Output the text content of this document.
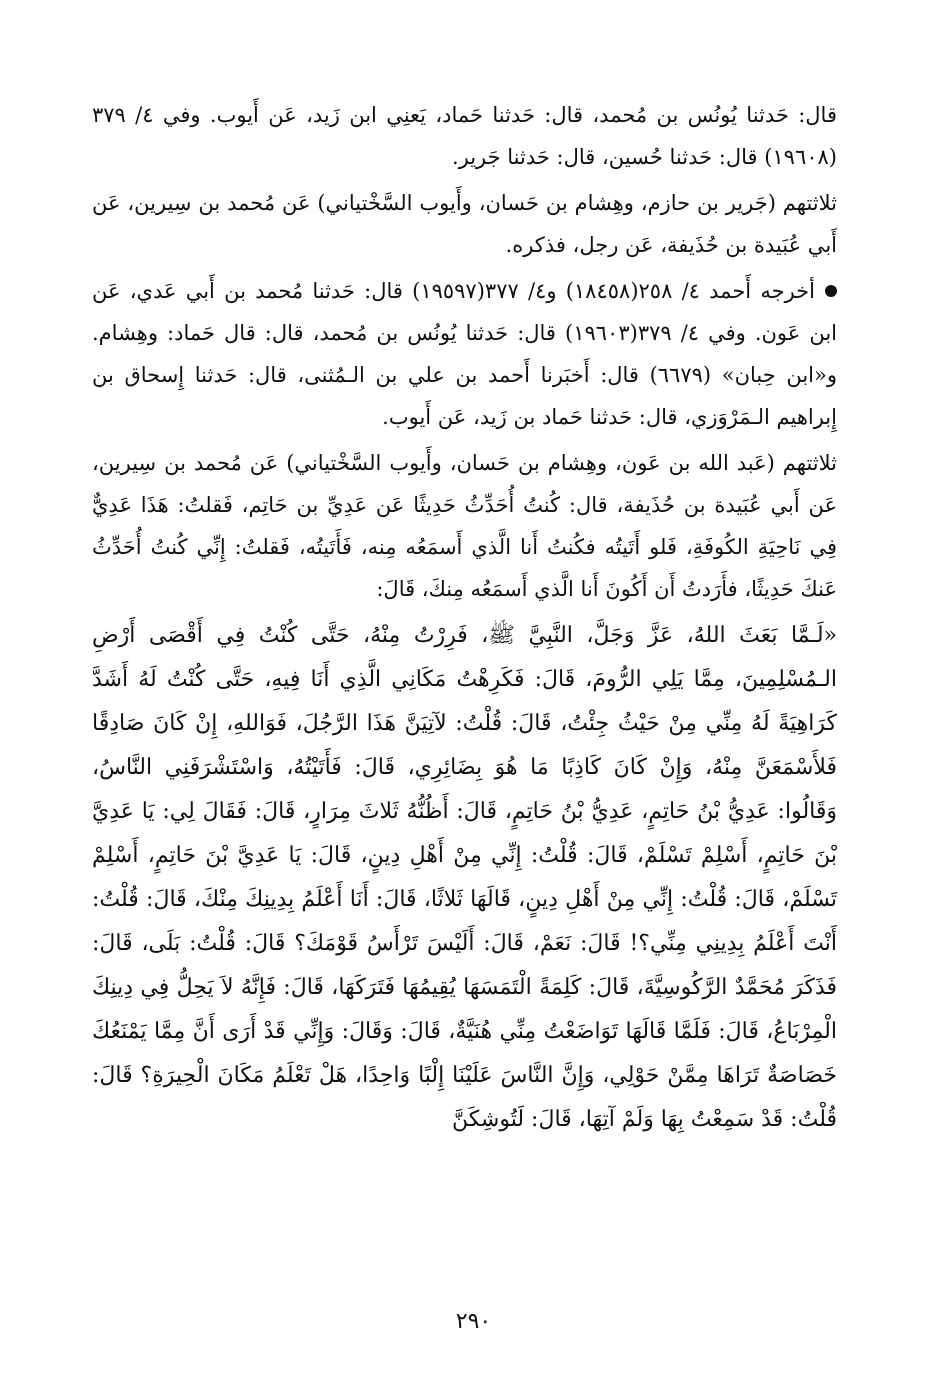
قال: حَدثنا يُونُس بن مُحمد، قال: حَدثنا حَماد، يَعنِي ابن زَيد، عَن أَيوب. وفي ٤/ ٣٧٩ (١٩٦٠٨) قال: حَدثنا حُسين، قال: حَدثنا جَرير.

ثلاثتهم (جَرير بن حازم، وهِشام بن حَسان، وأَيوب السَّخْتياني) عَن مُحمد بن سِيرين، عَن أَبي عُبَيدة بن حُذَيفة، عَن رجل، فذكره.

أخرجه أَحمد ٤/ ٢٥٨(١٨٤٥٨) و٤/ ٣٧٧(١٩٥٩٧) قال: حَدثنا مُحمد بن أَبي عَدي، عَن ابن عَون. وفي ٤/ ٣٧٩(١٩٦٠٣) قال: حَدثنا يُونُس بن مُحمد، قال: قال حَماد: وهِشام. و«ابن حِبان» (٦٦٧٩) قال: أَخبَرنا أَحمد بن علي بن الـمُثنى، قال: حَدثنا إِسحاق بن إِبراهيم الـمَرْوَزي، قال: حَدثنا حَماد بن زَيد، عَن أَيوب.

ثلاثتهم (عَبد الله بن عَون، وهِشام بن حَسان، وأَيوب السَّخْتياني) عَن مُحمد بن سِيرين، عَن أَبي عُبَيدة بن حُذَيفة، قال: كُنتُ أُحَدِّثُ حَدِيثًا عَن عَدِيِّ بن حَاتِم، فَقلتُ: هَذَا عَدِيٌّ فِي نَاحِيَةِ الكُوفَةِ، فَلو أَتَيتُه فكُنتُ أَنا الَّذي أَسمَعُه مِنه، فَأَتَيتُه، فَقلتُ: إِنِّي كُنتُ أُحَدِّثُ عَنكَ حَدِيثًا، فأَرَدتُ أَن أَكُونَ أَنا الَّذي أَسمَعُه مِنكَ، قَالَ:

«لَـمَّا بَعَثَ اللهُ، عَزَّ وَجَلَّ، النَّبِيَّ ﷺ، فَرِرْتُ مِنْهُ، حَتَّى كُنْتُ فِي أَقْصَى أَرْضِ الـمُسْلِمِينَ، مِمَّا يَلِي الرُّومَ، قَالَ: فَكَرِهْتُ مَكَانِي الَّذِي أَنَا فِيهِ، حَتَّى كُنْتُ لَهُ أَشَدَّ كَرَاهِيَةً لَهُ مِنِّي مِنْ حَيْثُ جِئْتُ، قَالَ: قُلْتُ: لآتِيَنَّ هَذَا الرَّجُلَ، فَوَاللهِ، إِنْ كَانَ صَادِقًا فَلأَسْمَعَنَّ مِنْهُ، وَإِنْ كَانَ كَاذِبًا مَا هُوَ بِضَائِرِي، قَالَ: فَأَتَيْتُهُ، وَاسْتَشْرَفَنِي النَّاسُ، وَقَالُوا: عَدِيُّ بْنُ حَاتِمٍ، عَدِيُّ بْنُ حَاتِمٍ، قَالَ: أَظُنُّهُ ثَلاثَ مِرَارٍ، قَالَ: فَقَالَ لِي: يَا عَدِيَّ بْنَ حَاتِمٍ، أَسْلِمْ تَسْلَمْ، قَالَ: قُلْتُ: إِنِّي مِنْ أَهْلِ دِينٍ، قَالَ: يَا عَدِيَّ بْنَ حَاتِمٍ، أَسْلِمْ تَسْلَمْ، قَالَ: قُلْتُ: إِنِّي مِنْ أَهْلِ دِينٍ، قَالَهَا ثَلاثًا، قَالَ: أَنَا أَعْلَمُ بِدِينِكَ مِنْكَ، قَالَ: قُلْتُ: أَنْتَ أَعْلَمُ بِدِينِي مِنِّي؟! قَالَ: نَعَمْ، قَالَ: أَلَيْسَ تَرْأَسُ قَوْمَكَ؟ قَالَ: قُلْتُ: بَلَى، قَالَ: فَذَكَرَ مُحَمَّدٌ الرَّكُوسِيَّةَ، قَالَ: كَلِمَةً الْتَمَسَهَا يُقِيمُهَا فَتَرَكَهَا، قَالَ: فَإِنَّهُ لاَ يَحِلُّ فِي دِينِكَ الْمِرْبَاعُ، قَالَ: فَلَمَّا قَالَهَا تَوَاضَعْتُ مِنِّي هُنَيَّةٌ، قَالَ: وَقَالَ: وَإِنِّي قَدْ أَرَى أَنَّ مِمَّا يَمْنَعُكَ خَصَاصَةٌ تَرَاهَا مِمَّنْ حَوْلِي، وَإِنَّ النَّاسَ عَلَيْنَا إِلْبًا وَاحِدًا، هَلْ تَعْلَمُ مَكَانَ الْحِيرَةِ؟ قَالَ: قُلْتُ: قَدْ سَمِعْتُ بِهَا وَلَمْ آتِهَا، قَالَ: لَتُوشِكَنَّ

٢٩٠
